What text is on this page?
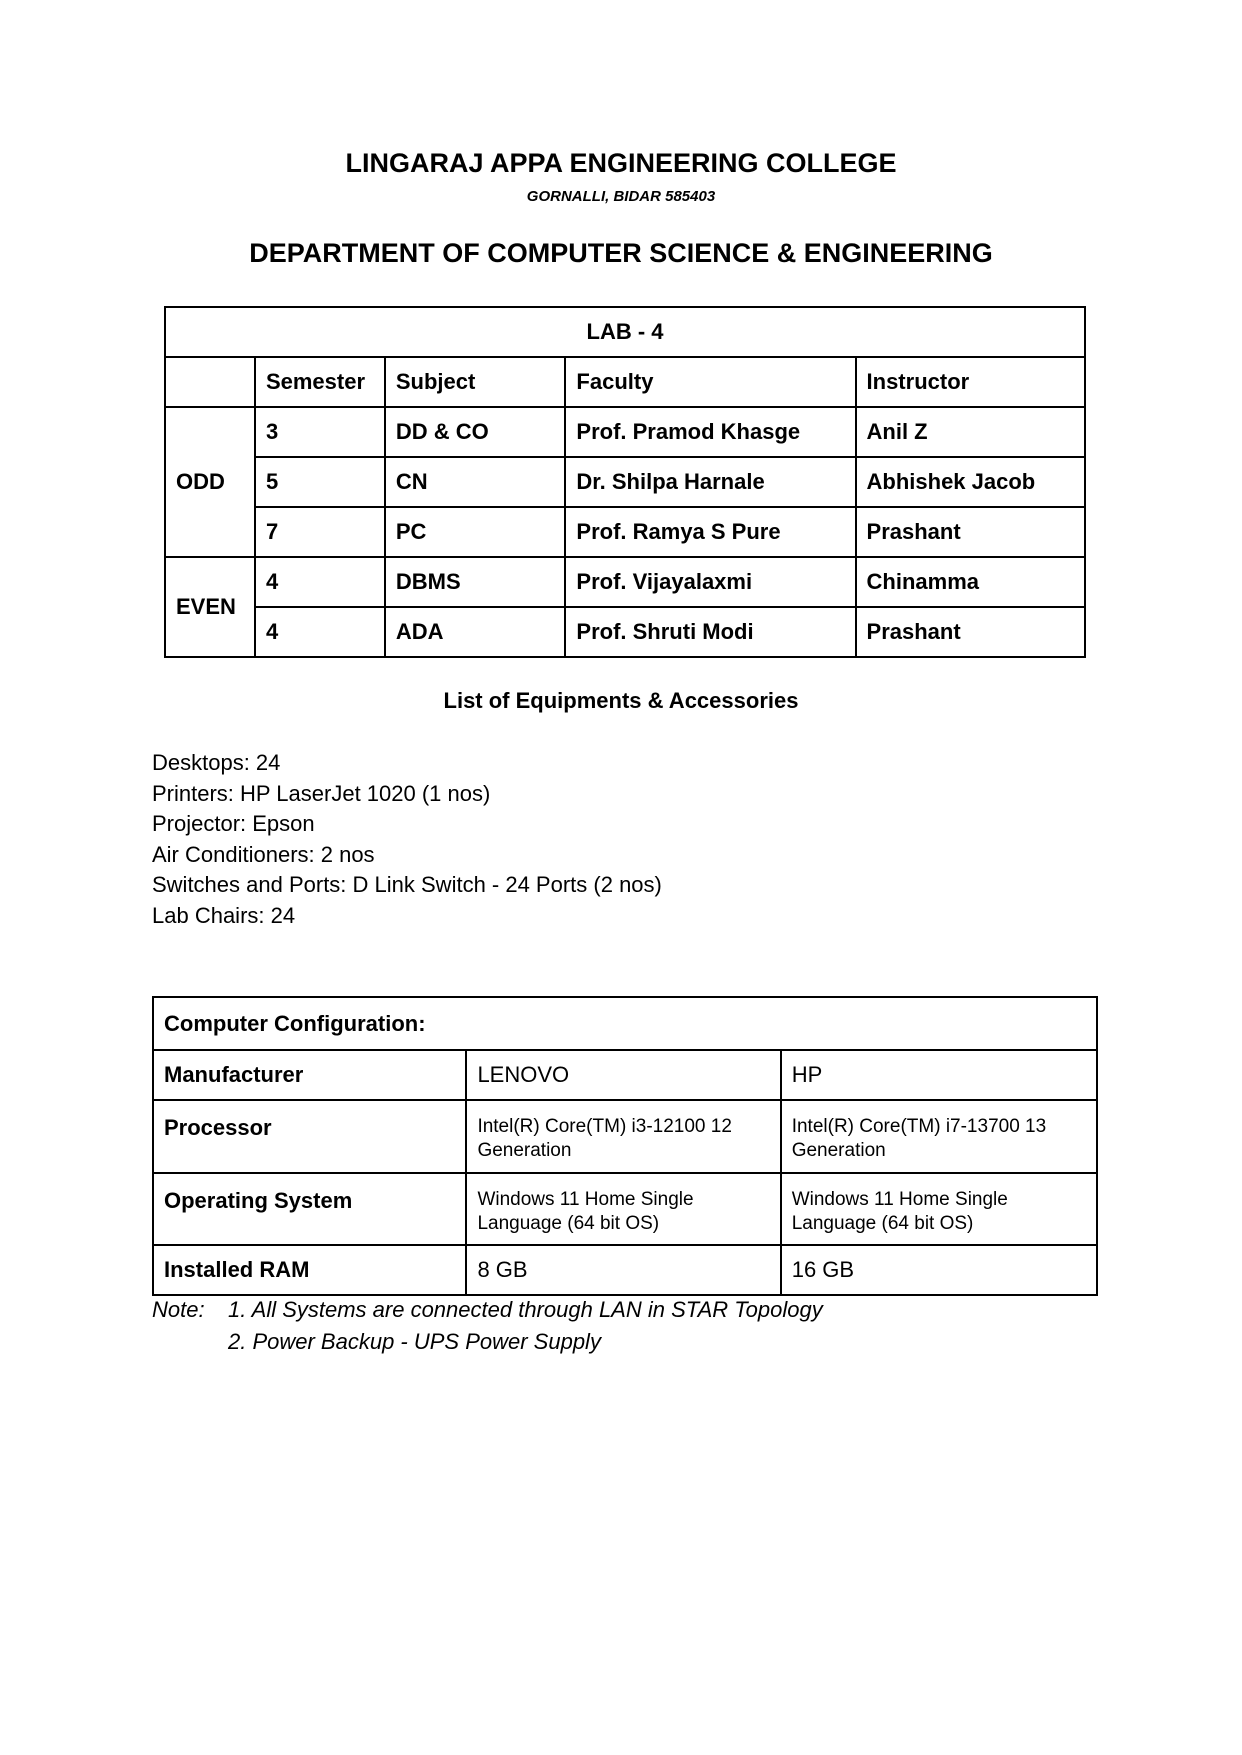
LINGARAJ APPA ENGINEERING COLLEGE
GORNALLI, BIDAR 585403
DEPARTMENT OF COMPUTER SCIENCE & ENGINEERING
LAB - 4				
	Semester	Subject	Faculty	Instructor
ODD	3	DD & CO	Prof. Pramod Khasge	Anil Z
	5	CN	Dr. Shilpa Harnale	Abhishek Jacob
	7	PC	Prof. Ramya S Pure	Prashant
EVEN	4	DBMS	Prof. Vijayalaxmi	Chinamma
	4	ADA	Prof. Shruti Modi	Prashant
List of Equipments & Accessories
Desktops: 24
Printers: HP LaserJet 1020 (1 nos)
Projector: Epson
Air Conditioners: 2 nos
Switches and Ports: D Link Switch - 24 Ports (2 nos)
Lab Chairs: 24
Computer Configuration:		
Manufacturer	LENOVO	HP
Processor	Intel(R) Core(TM) i3-12100 12 Generation	Intel(R) Core(TM) i7-13700 13 Generation
Operating System	Windows 11 Home Single Language (64 bit OS)	Windows 11 Home Single Language (64 bit OS)
Installed RAM	8 GB	16 GB
Note:	1. All Systems are connected through LAN in STAR Topology
2. Power Backup - UPS Power Supply
